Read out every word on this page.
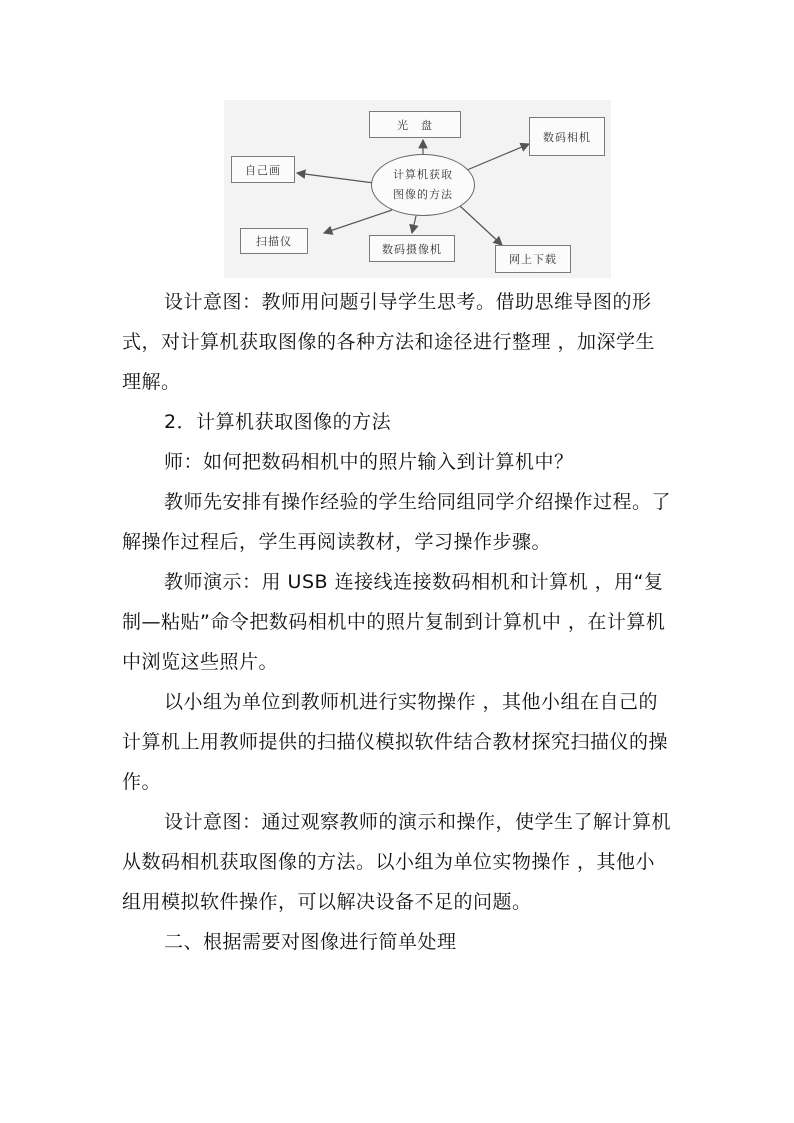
光　盘
数码相机
自己画
扫描仪
数码摄像机
网上下载
计算机获取
图像的方法

设计意图：教师用问题引导学生思考。借助思维导图的形式，对计算机获取图像的各种方法和途径进行整理 ，加深学生理解。

2．计算机获取图像的方法

师：如何把数码相机中的照片输入到计算机中？

教师先安排有操作经验的学生给同组同学介绍操作过程。了解操作过程后，学生再阅读教材，学习操作步骤。

教师演示：用 USB 连接线连接数码相机和计算机 ，用“复制—粘贴”命令把数码相机中的照片复制到计算机中 ，在计算机中浏览这些照片。

以小组为单位到教师机进行实物操作 ，其他小组在自己的计算机上用教师提供的扫描仪模拟软件结合教材探究扫描仪的操作。

设计意图：通过观察教师的演示和操作，使学生了解计算机从数码相机获取图像的方法。以小组为单位实物操作 ，其他小组用模拟软件操作，可以解决设备不足的问题。

二、根据需要对图像进行简单处理
